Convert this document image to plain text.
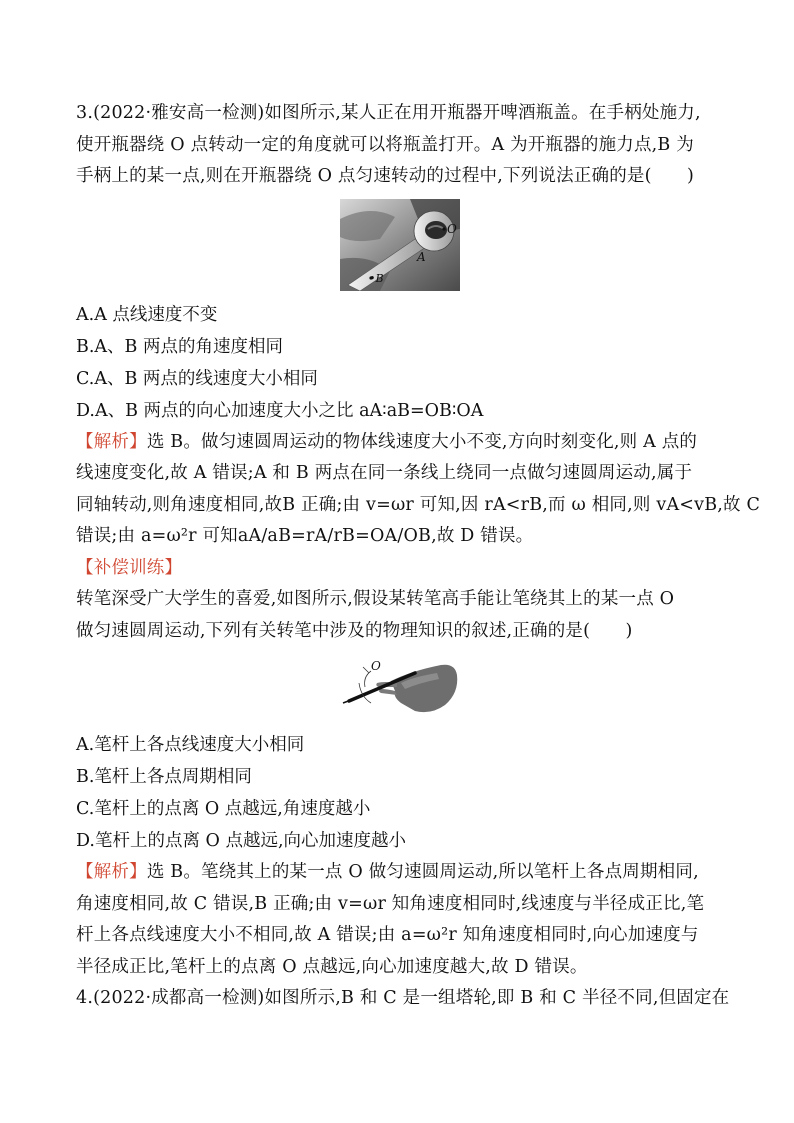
3.(2022·雅安高一检测)如图所示,某人正在用开瓶器开啤酒瓶盖。在手柄处施力,
使开瓶器绕 O 点转动一定的角度就可以将瓶盖打开。A 为开瓶器的施力点,B 为
手柄上的某一点,则在开瓶器绕 O 点匀速转动的过程中,下列说法正确的是(　　)
O
A
•B
A.A 点线速度不变
B.A、B 两点的角速度相同
C.A、B 两点的线速度大小相同
D.A、B 两点的向心加速度大小之比 aA∶aB=OB∶OA
【解析】选 B。做匀速圆周运动的物体线速度大小不变,方向时刻变化,则 A 点的
线速度变化,故 A 错误;A 和 B 两点在同一条线上绕同一点做匀速圆周运动,属于
同轴转动,则角速度相同,故B 正确;由 v=ωr 可知,因 rA<rB,而 ω 相同,则 vA<vB,故 C
错误;由 a=ω²r 可知aA/aB=rA/rB=OA/OB,故 D 错误。
【补偿训练】
转笔深受广大学生的喜爱,如图所示,假设某转笔高手能让笔绕其上的某一点 O
做匀速圆周运动,下列有关转笔中涉及的物理知识的叙述,正确的是(　　)
O
A.笔杆上各点线速度大小相同
B.笔杆上各点周期相同
C.笔杆上的点离 O 点越远,角速度越小
D.笔杆上的点离 O 点越远,向心加速度越小
【解析】选 B。笔绕其上的某一点 O 做匀速圆周运动,所以笔杆上各点周期相同,
角速度相同,故 C 错误,B 正确;由 v=ωr 知角速度相同时,线速度与半径成正比,笔
杆上各点线速度大小不相同,故 A 错误;由 a=ω²r 知角速度相同时,向心加速度与
半径成正比,笔杆上的点离 O 点越远,向心加速度越大,故 D 错误。
4.(2022·成都高一检测)如图所示,B 和 C 是一组塔轮,即 B 和 C 半径不同,但固定在
